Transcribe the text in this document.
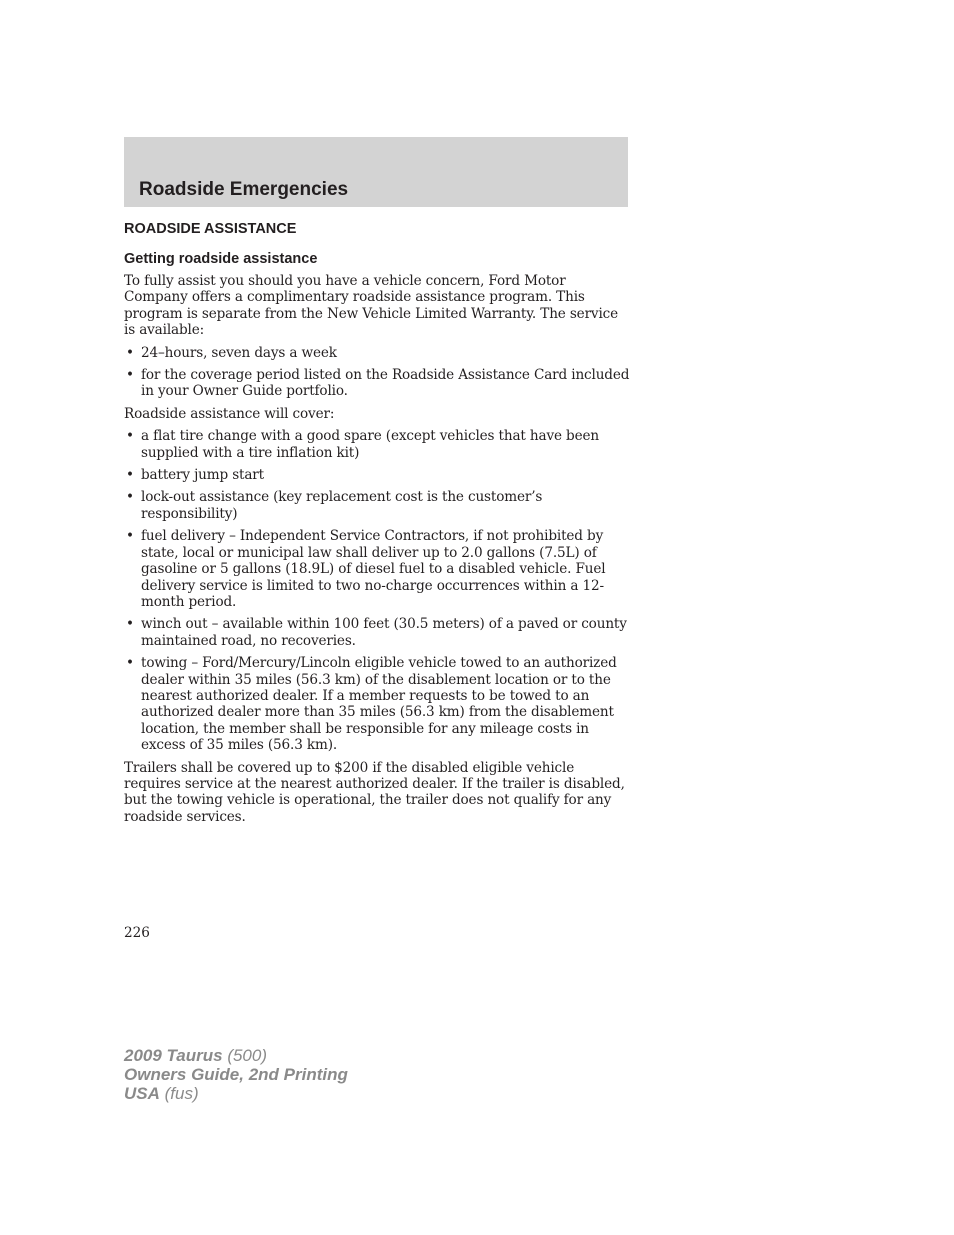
Roadside Emergencies
ROADSIDE ASSISTANCE
Getting roadside assistance

To fully assist you should you have a vehicle concern, Ford Motor Company offers a complimentary roadside assistance program. This program is separate from the New Vehicle Limited Warranty. The service is available:

• 24–hours, seven days a week
• for the coverage period listed on the Roadside Assistance Card included in your Owner Guide portfolio.

Roadside assistance will cover:

• a flat tire change with a good spare (except vehicles that have been supplied with a tire inflation kit)
• battery jump start
• lock-out assistance (key replacement cost is the customer’s responsibility)
• fuel delivery – Independent Service Contractors, if not prohibited by state, local or municipal law shall deliver up to 2.0 gallons (7.5L) of gasoline or 5 gallons (18.9L) of diesel fuel to a disabled vehicle. Fuel delivery service is limited to two no-charge occurrences within a 12-month period.
• winch out – available within 100 feet (30.5 meters) of a paved or county maintained road, no recoveries.
• towing – Ford/Mercury/Lincoln eligible vehicle towed to an authorized dealer within 35 miles (56.3 km) of the disablement location or to the nearest authorized dealer. If a member requests to be towed to an authorized dealer more than 35 miles (56.3 km) from the disablement location, the member shall be responsible for any mileage costs in excess of 35 miles (56.3 km).

Trailers shall be covered up to $200 if the disabled eligible vehicle requires service at the nearest authorized dealer. If the trailer is disabled, but the towing vehicle is operational, the trailer does not qualify for any roadside services.

226
2009 Taurus (500)
Owners Guide, 2nd Printing
USA (fus)
